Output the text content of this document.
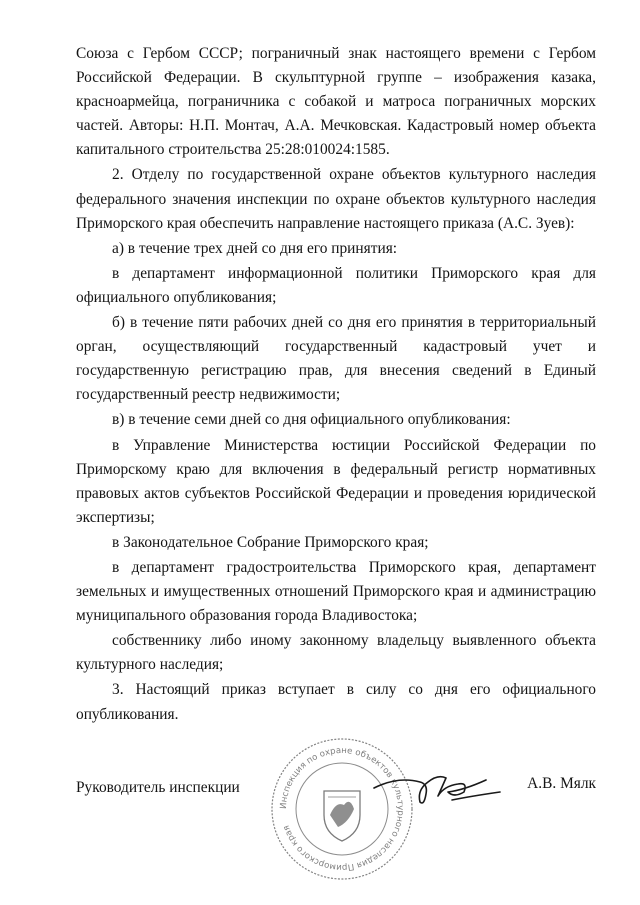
Союза с Гербом СССР; пограничный знак настоящего времени с Гербом Российской Федерации. В скульптурной группе – изображения казака, красноармейца, пограничника с собакой и матроса пограничных морских частей. Авторы: Н.П. Монтач, А.А. Мечковская. Кадастровый номер объекта капитального строительства 25:28:010024:1585.

2. Отделу по государственной охране объектов культурного наследия федерального значения инспекции по охране объектов культурного наследия Приморского края обеспечить направление настоящего приказа (А.С. Зуев):

а) в течение трех дней со дня его принятия:

в департамент информационной политики Приморского края для официального опубликования;

б) в течение пяти рабочих дней со дня его принятия в территориальный орган, осуществляющий государственный кадастровый учет и государственную регистрацию прав, для внесения сведений в Единый государственный реестр недвижимости;

в) в течение семи дней со дня официального опубликования:

в Управление Министерства юстиции Российской Федерации по Приморскому краю для включения в федеральный регистр нормативных правовых актов субъектов Российской Федерации и проведения юридической экспертизы;

в Законодательное Собрание Приморского края;

в департамент градостроительства Приморского края, департамент земельных и имущественных отношений Приморского края и администрацию муниципального образования города Владивостока;

собственнику либо иному законному владельцу выявленного объекта культурного наследия;

3. Настоящий приказ вступает в силу со дня его официального опубликования.

Руководитель инспекции	А.В. Мялк
Инспекция по охране объектов культурного наследия Приморского края
